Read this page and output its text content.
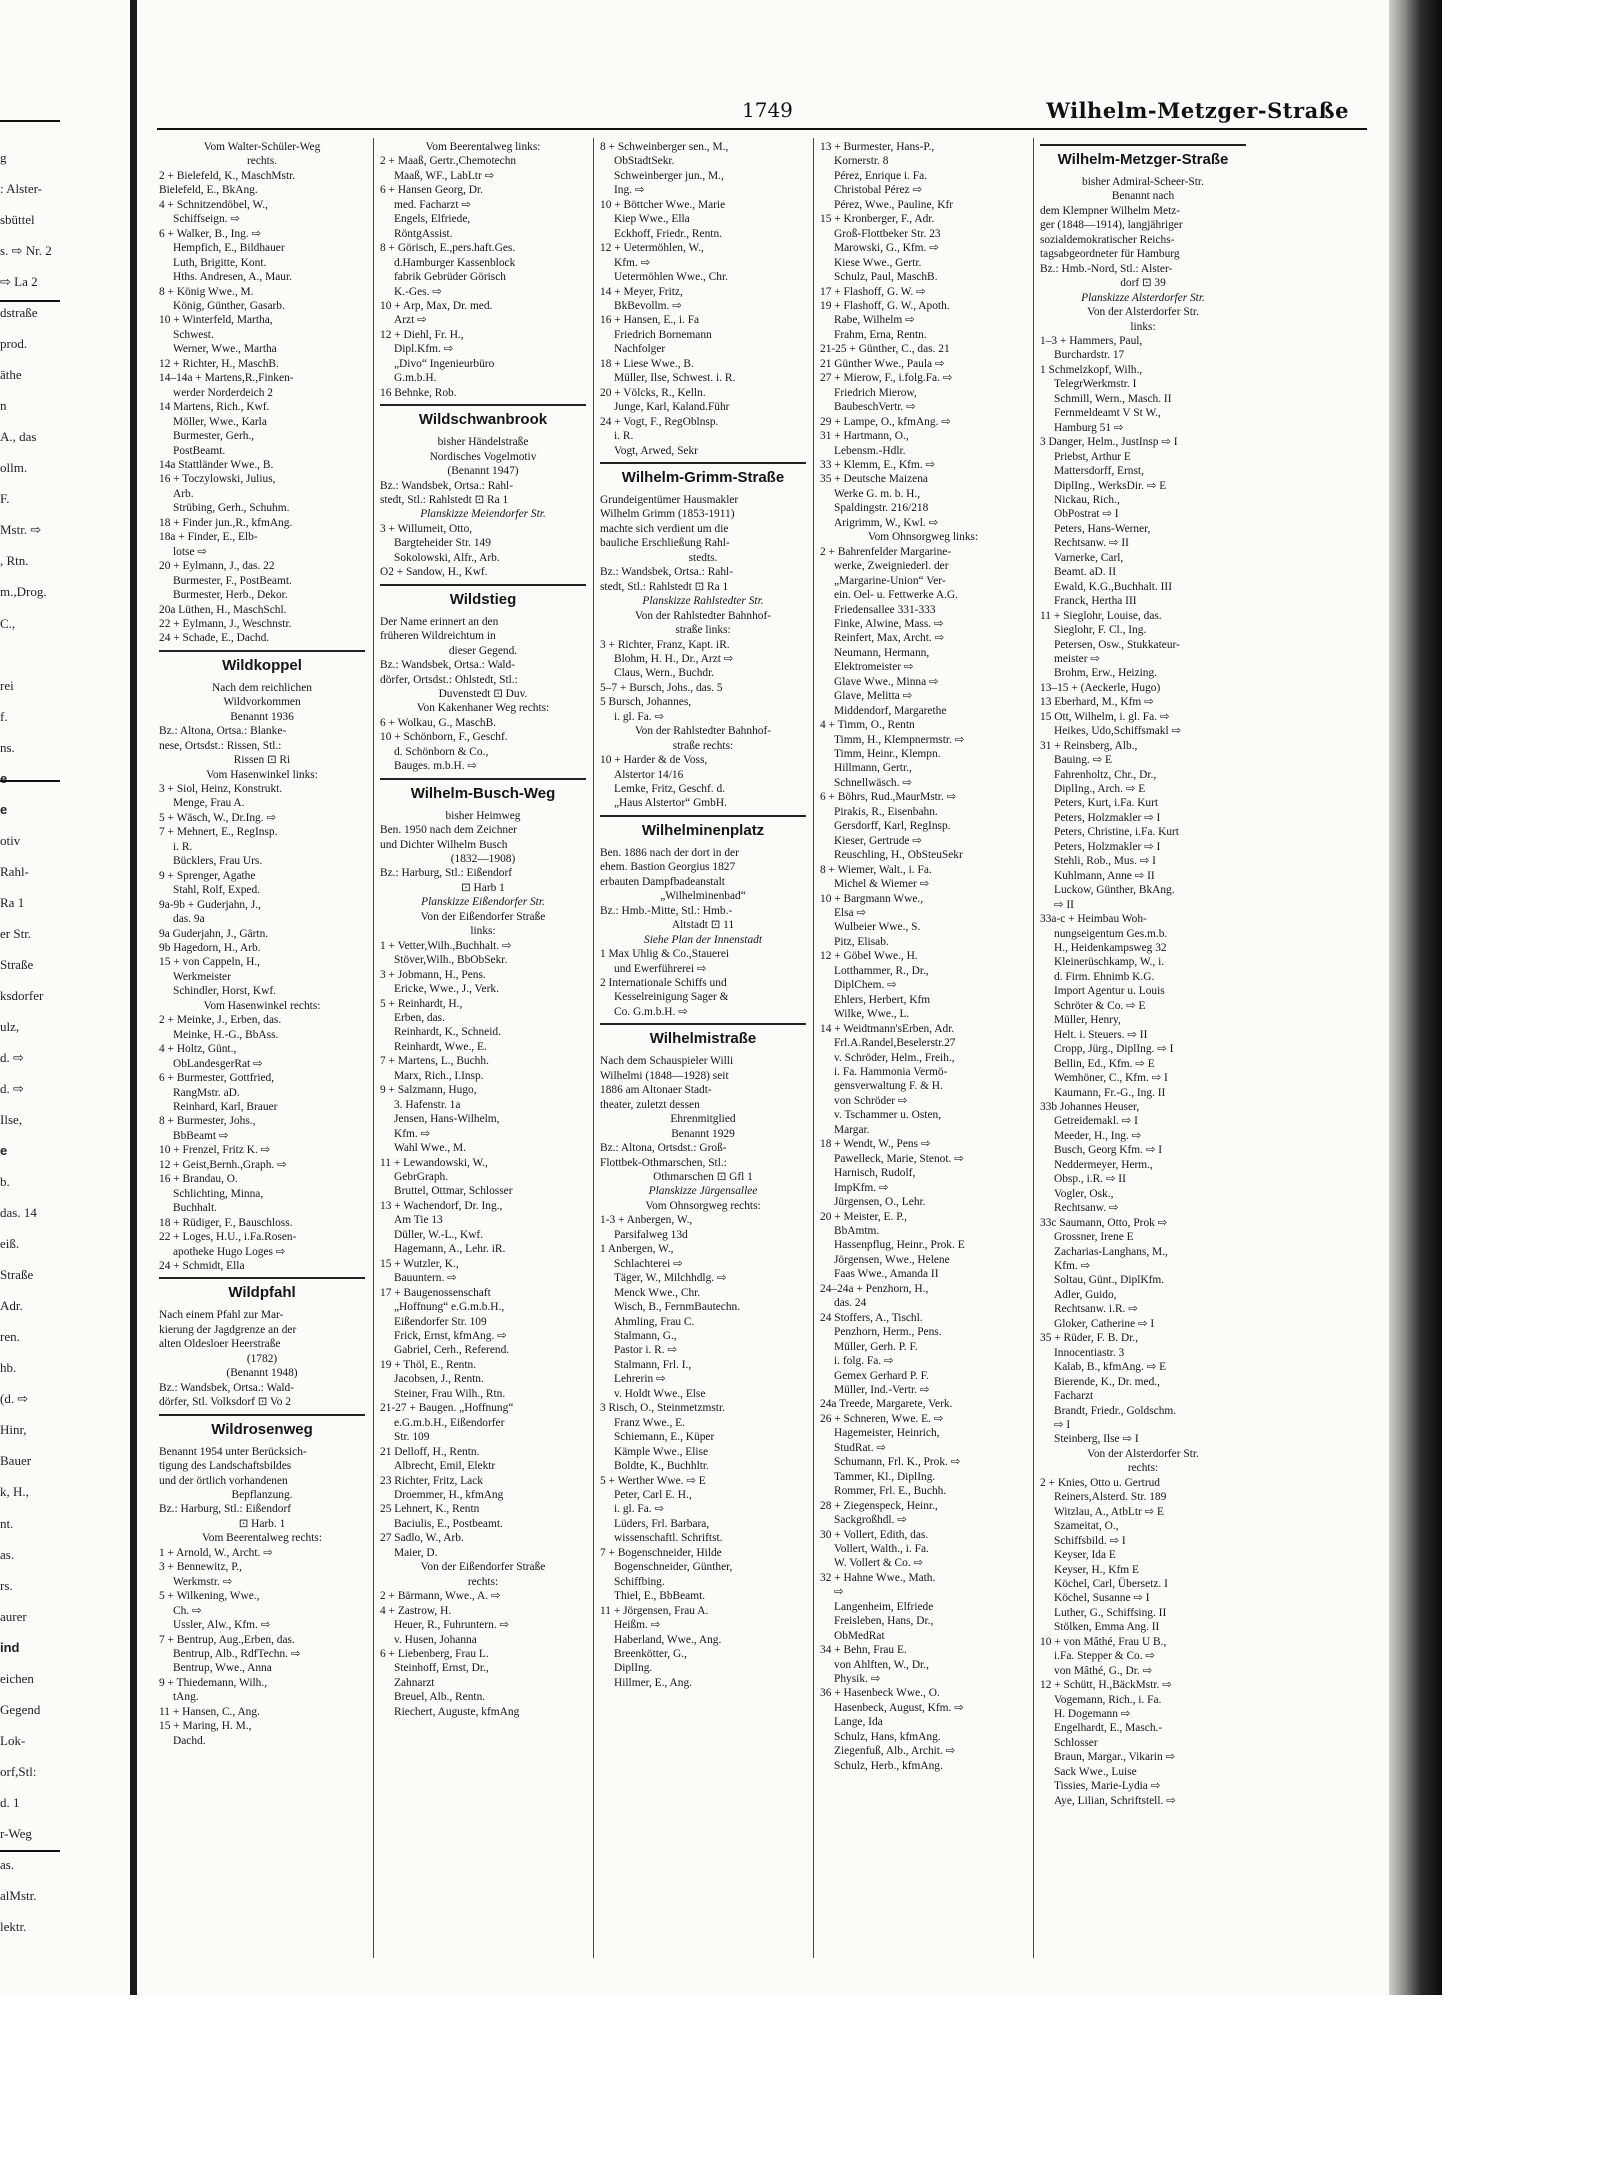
g
: Alster-
sbüttel
s. ⇨ Nr. 2
⇨ La 2
dstraße
prod.
äthe
n
A., das
ollm.
F.
Mstr. ⇨
, Rtn.
m.,Drog.
C.,
rei
f.
ns.
e
e
otiv
Rahl-
Ra 1
er Str.
Straße
ksdorfer
ulz,
d. ⇨
d. ⇨
Ilse,
e
b.
das. 14
eiß.
Straße
Adr.
ren.
hb.
(d. ⇨
Hinr,
Bauer
k, H.,
nt.
as.
rs.
aurer
ind
eichen
Gegend
Lok-
orf,Stl:
d. 1
r-Weg
as.
alMstr.
lektr.
1749	Wilhelm-Metzger-Straße
Vom Walter-Schüler-Weg
rechts.
2 + Bielefeld, K., MaschMstr.
Bielefeld, E., BkAng.
4 + Schnitzendöbel, W.,
Schiffseign. ⇨
6 + Walker, B., Ing. ⇨
Hempfich, E., Bildhauer
Luth, Brigitte, Kont.
Hths. Andresen, A., Maur.
8 + König Wwe., M.
König, Günther, Gasarb.
10 + Winterfeld, Martha,
Schwest.
Werner, Wwe., Martha
12 + Richter, H., MaschB.
14–14a + Martens,R.,Finken-
werder Norderdeich 2
14 Martens, Rich., Kwf.
Möller, Wwe., Karla
Burmester, Gerh.,
PostBeamt.
14a Stattländer Wwe., B.
16 + Toczylowski, Julius,
Arb.
Strübing, Gerh., Schuhm.
18 + Finder jun.,R., kfmAng.
18a + Finder, E., Elb-
lotse ⇨
20 + Eylmann, J., das. 22
Burmester, F., PostBeamt.
Burmester, Herb., Dekor.
20a Lüthen, H., MaschSchl.
22 + Eylmann, J., Weschnstr.
24 + Schade, E., Dachd.
Wildkoppel
Nach dem reichlichen
Wildvorkommen
Benannt 1936
Bz.: Altona, Ortsa.: Blanke-
nese, Ortsdst.: Rissen, Stl.:
Rissen ⊡ Ri
Vom Hasenwinkel links:
3 + Siol, Heinz, Konstrukt.
Menge, Frau A.
5 + Wäsch, W., Dr.Ing. ⇨
7 + Mehnert, E., RegInsp.
i. R.
Bücklers, Frau Urs.
9 + Sprenger, Agathe
Stahl, Rolf, Exped.
9a-9b + Guderjahn, J.,
das. 9a
9a Guderjahn, J., Gärtn.
9b Hagedorn, H., Arb.
15 + von Cappeln, H.,
Werkmeister
Schindler, Horst, Kwf.
Vom Hasenwinkel rechts:
2 + Meinke, J., Erben, das.
Meinke, H.-G., BbAss.
4 + Holtz, Günt.,
ObLandesgerRat ⇨
6 + Burmester, Gottfried,
RangMstr. aD.
Reinhard, Karl, Brauer
8 + Burmester, Johs.,
BbBeamt ⇨
10 + Frenzel, Fritz K. ⇨
12 + Geist,Bernh.,Graph. ⇨
16 + Brandau, O.
Schlichting, Minna,
Buchhalt.
18 + Rüdiger, F., Bauschloss.
22 + Loges, H.U., i.Fa.Rosen-
apotheke Hugo Loges ⇨
24 + Schmidt, Ella
Wildpfahl
Nach einem Pfahl zur Mar-
kierung der Jagdgrenze an der
alten Oldesloer Heerstraße
(1782)
(Benannt 1948)
Bz.: Wandsbek, Ortsa.: Wald-
dörfer, Stl. Volksdorf ⊡ Vo 2
Wildrosenweg
Benannt 1954 unter Berücksich-
tigung des Landschaftsbildes
und der örtlich vorhandenen
Bepflanzung.
Bz.: Harburg, Stl.: Eißendorf
⊡ Harb. 1
Vom Beerentalweg rechts:
1 + Arnold, W., Archt. ⇨
3 + Bennewitz, P.,
Werkmstr. ⇨
5 + Wilkening, Wwe.,
Ch. ⇨
Ussler, Alw., Kfm. ⇨
7 + Bentrup, Aug.,Erben, das.
Bentrup, Alb., RdfTechn. ⇨
Bentrup, Wwe., Anna
9 + Thiedemann, Wilh.,
tAng.
11 + Hansen, C., Ang.
15 + Maring, H. M.,
Dachd.
Vom Beerentalweg links:
2 + Maaß, Gertr.,Chemotechn
Maaß, WF., LabLtr ⇨
6 + Hansen Georg, Dr.
med. Facharzt ⇨
Engels, Elfriede,
RöntgAssist.
8 + Görisch, E.,pers.haft.Ges.
d.Hamburger Kassenblock
fabrik Gebrüder Görisch
K.-Ges. ⇨
10 + Arp, Max, Dr. med.
Arzt ⇨
12 + Diehl, Fr. H.,
Dipl.Kfm. ⇨
„Divo“ Ingenieurbüro
G.m.b.H.
16 Behnke, Rob.
Wildschwanbrook
bisher Händelstraße
Nordisches Vogelmotiv
(Benannt 1947)
Bz.: Wandsbek, Ortsa.: Rahl-
stedt, Stl.: Rahlstedt ⊡ Ra 1
Planskizze Meiendorfer Str.
3 + Willumeit, Otto,
Bargteheider Str. 149
Sokolowski, Alfr., Arb.
O2 + Sandow, H., Kwf.
Wildstieg
Der Name erinnert an den
früheren Wildreichtum in
dieser Gegend.
Bz.: Wandsbek, Ortsa.: Wald-
dörfer, Ortsdst.: Ohlstedt, Stl.:
Duvenstedt ⊡ Duv.
Von Kakenhaner Weg rechts:
6 + Wolkau, G., MaschB.
10 + Schönborn, F., Geschf.
d. Schönborn & Co.,
Bauges. m.b.H. ⇨
Wilhelm-Busch-Weg
bisher Heimweg
Ben. 1950 nach dem Zeichner
und Dichter Wilhelm Busch
(1832—1908)
Bz.: Harburg, Stl.: Eißendorf
⊡ Harb 1
Planskizze Eißendorfer Str.
Von der Eißendorfer Straße
links:
1 + Vetter,Wilh.,Buchhalt. ⇨
Stöver,Wilh., BbObSekr.
3 + Jobmann, H., Pens.
Ericke, Wwe., J., Verk.
5 + Reinhardt, H.,
Erben, das.
Reinhardt, K., Schneid.
Reinhardt, Wwe., E.
7 + Martens, L., Buchh.
Marx, Rich., I.Insp.
9 + Salzmann, Hugo,
3. Hafenstr. 1a
Jensen, Hans-Wilhelm,
Kfm. ⇨
Wahl Wwe., M.
11 + Lewandowski, W.,
GebrGraph.
Bruttel, Ottmar, Schlosser
13 + Wachendorf, Dr. Ing.,
Am Tie 13
Düller, W.-L., Kwf.
Hagemann, A., Lehr. iR.
15 + Wutzler, K.,
Bauuntern. ⇨
17 + Baugenossenschaft
„Hoffnung“ e.G.m.b.H.,
Eißendorfer Str. 109
Frick, Ernst, kfmAng. ⇨
Gabriel, Cerh., Referend.
19 + Thöl, E., Rentn.
Jacobsen, J., Rentn.
Steiner, Frau Wilh., Rtn.
21-27 + Baugen. „Hoffnung“
e.G.m.b.H., Eißendorfer
Str. 109
21 Delloff, H., Rentn.
Albrecht, Emil, Elektr
23 Richter, Fritz, Lack
Droemmer, H., kfmAng
25 Lehnert, K., Rentn
Baciulis, E., Postbeamt.
27 Sadlo, W., Arb.
Maier, D.
Von der Eißendorfer Straße
rechts:
2 + Bärmann, Wwe., A. ⇨
4 + Zastrow, H.
Heuer, R., Fuhruntern. ⇨
v. Husen, Johanna
6 + Liebenberg, Frau L.
Steinhoff, Ernst, Dr.,
Zahnarzt
Breuel, Alb., Rentn.
Riechert, Auguste, kfmAng
8 + Schweinberger sen., M.,
ObStadtSekr.
Schweinberger jun., M.,
Ing. ⇨
10 + Böttcher Wwe., Marie
Kiep Wwe., Ella
Eckhoff, Friedr., Rentn.
12 + Uetermöhlen, W.,
Kfm. ⇨
Uetermöhlen Wwe., Chr.
14 + Meyer, Fritz,
BkBevollm. ⇨
16 + Hansen, E., i. Fa
Friedrich Bornemann
Nachfolger
18 + Liese Wwe., B.
Müller, Ilse, Schwest. i. R.
20 + Völcks, R., Kelln.
Junge, Karl, Kaland.Führ
24 + Vogt, F., RegOblnsp.
i. R.
Vogt, Arwed, Sekr
Wilhelm-Grimm-Straße
Grundeigentümer Hausmakler
Wilhelm Grimm (1853-1911)
machte sich verdient um die
bauliche Erschließung Rahl-
stedts.
Bz.: Wandsbek, Ortsa.: Rahl-
stedt, Stl.: Rahlstedt ⊡ Ra 1
Planskizze Rahlstedter Str.
Von der Rahlstedter Bahnhof-
straße links:
3 + Richter, Franz, Kapt. iR.
Blohm, H. H., Dr., Arzt ⇨
Claus, Wern., Buchdr.
5–7 + Bursch, Johs., das. 5
5 Bursch, Johannes,
i. gl. Fa. ⇨
Von der Rahlstedter Bahnhof-
straße rechts:
10 + Harder & de Voss,
Alstertor 14/16
Lemke, Fritz, Geschf. d.
„Haus Alstertor“ GmbH.
Wilhelminenplatz
Ben. 1886 nach der dort in der
ehem. Bastion Georgius 1827
erbauten Dampfbadeanstalt
„Wilhelminenbad“
Bz.: Hmb.-Mitte, Stl.: Hmb.-
Altstadt ⊡ 11
Siehe Plan der Innenstadt
1 Max Uhlig & Co.,Stauerei
und Ewerführerei ⇨
2 Internationale Schiffs und
Kesselreinigung Sager &
Co. G.m.b.H. ⇨
Wilhelmistraße
Nach dem Schauspieler Willi
Wilhelmi (1848—1928) seit
1886 am Altonaer Stadt-
theater, zuletzt dessen
Ehrenmitglied
Benannt 1929
Bz.: Altona, Ortsdst.: Groß-
Flottbek-Othmarschen, Stl.:
Othmarschen ⊡ Gfl 1
Planskizze Jürgensallee
Vom Ohnsorgweg rechts:
1-3 + Anbergen, W.,
Parsifalweg 13d
1 Anbergen, W.,
Schlachterei ⇨
Täger, W., Milchhdlg. ⇨
Menck Wwe., Chr.
Wisch, B., FernmBautechn.
Ahmling, Frau C.
Stalmann, G.,
Pastor i. R. ⇨
Stalmann, Frl. I.,
Lehrerin ⇨
v. Holdt Wwe., Else
3 Risch, O., Steinmetzmstr.
Franz Wwe., E.
Schiemann, E., Küper
Kämple Wwe., Elise
Boldte, K., Buchhltr.
5 + Werther Wwe. ⇨ E
Peter, Carl E. H.,
i. gl. Fa. ⇨
Lüders, Frl. Barbara,
wissenschaftl. Schriftst.
7 + Bogenschneider, Hilde
Bogenschneider, Günther,
Schiffbing.
Thiel, E., BbBeamt.
11 + Jörgensen, Frau A.
Heißm. ⇨
Haberland, Wwe., Ang.
Breenkötter, G.,
DiplIng.
Hillmer, E., Ang.
13 + Burmester, Hans-P.,
Kornerstr. 8
Pérez, Enrique i. Fa.
Christobal Pérez ⇨
Pérez, Wwe., Pauline, Kfr
15 + Kronberger, F., Adr.
Groß-Flottbeker Str. 23
Marowski, G., Kfm. ⇨
Kiese Wwe., Gertr.
Schulz, Paul, MaschB.
17 + Flashoff, G. W. ⇨
19 + Flashoff, G. W., Apoth.
Rabe, Wilhelm ⇨
Frahm, Erna, Rentn.
21-25 + Günther, C., das. 21
21 Günther Wwe., Paula ⇨
27 + Mierow, F., i.folg.Fa. ⇨
Friedrich Mierow,
BaubeschVertr. ⇨
29 + Lampe, O., kfmAng. ⇨
31 + Hartmann, O.,
Lebensm.-Hdlr.
33 + Klemm, E., Kfm. ⇨
35 + Deutsche Maizena
Werke G. m. b. H.,
Spaldingstr. 216/218
Arigrimm, W., Kwl. ⇨
Vom Ohnsorgweg links:
2 + Bahrenfelder Margarine-
werke, Zweigniederl. der
„Margarine-Union“ Ver-
ein. Oel- u. Fettwerke A.G.
Friedensallee 331-333
Finke, Alwine, Mass. ⇨
Reinfert, Max, Archt. ⇨
Neumann, Hermann,
Elektromeister ⇨
Glave Wwe., Minna ⇨
Glave, Melitta ⇨
Middendorf, Margarethe
4 + Timm, O., Rentn
Timm, H., Klempnermstr. ⇨
Timm, Heinr., Klempn.
Hillmann, Gertr.,
Schnellwäsch. ⇨
6 + Böhrs, Rud.,MaurMstr. ⇨
Pirakis, R., Eisenbahn.
Gersdorff, Karl, RegInsp.
Kieser, Gertrude ⇨
Reuschling, H., ObSteuSekr
8 + Wiemer, Walt., i. Fa.
Michel & Wiemer ⇨
10 + Bargmann Wwe.,
Elsa ⇨
Wulbeier Wwe., S.
Pitz, Elisab.
12 + Göbel Wwe., H.
Lotthammer, R., Dr.,
DiplChem. ⇨
Ehlers, Herbert, Kfm
Wilke, Wwe., L.
14 + Weidtmann'sErben, Adr.
Frl.A.Randel,Beselerstr.27
v. Schröder, Helm., Freih.,
i. Fa. Hammonia Vermö-
gensverwaltung F. & H.
von Schröder ⇨
v. Tschammer u. Osten,
Margar.
18 + Wendt, W., Pens ⇨
Pawelleck, Marie, Stenot. ⇨
Harnisch, Rudolf,
ImpKfm. ⇨
Jürgensen, O., Lehr.
20 + Meister, E. P.,
BbAmtm.
Hassenpflug, Heinr., Prok. E
Jörgensen, Wwe., Helene
Faas Wwe., Amanda II
24–24a + Penzhorn, H.,
das. 24
24 Stoffers, A., Tischl.
Penzhorn, Herm., Pens.
Müller, Gerh. P. F.
i. folg. Fa. ⇨
Gemex Gerhard P. F.
Müller, Ind.-Vertr. ⇨
24a Treede, Margarete, Verk.
26 + Schneren, Wwe. E. ⇨
Hagemeister, Heinrich,
StudRat. ⇨
Schumann, Frl. K., Prok. ⇨
Tammer, Kl., DiplIng.
Rommer, Frl. E., Buchh.
28 + Ziegenspeck, Heinr.,
Sackgroßhdl. ⇨
30 + Vollert, Edith, das.
Vollert, Walth., i. Fa.
W. Vollert & Co. ⇨
32 + Hahne Wwe., Math.
⇨
Langenheim, Elfriede
Freisleben, Hans, Dr.,
ObMedRat
34 + Behn, Frau E.
von Ahlften, W., Dr.,
Physik. ⇨
36 + Hasenbeck Wwe., O.
Hasenbeck, August, Kfm. ⇨
Lange, Ida
Schulz, Hans, kfmAng.
Ziegenfuß, Alb., Archit. ⇨
Schulz, Herb., kfmAng.
Wilhelm-Metzger-Straße
bisher Admiral-Scheer-Str.
Benannt nach
dem Klempner Wilhelm Metz-
ger (1848—1914), langjähriger
sozialdemokratischer Reichs-
tagsabgeordneter für Hamburg
Bz.: Hmb.-Nord, Stl.: Alster-
dorf ⊡ 39
Planskizze Alsterdorfer Str.
Von der Alsterdorfer Str.
links:
1–3 + Hammers, Paul,
Burchardstr. 17
1 Schmelzkopf, Wilh.,
TelegrWerkmstr. I
Schmill, Wern., Masch. II
Fernmeldeamt V St W.,
Hamburg 51 ⇨
3 Danger, Helm., JustInsp ⇨ I
Priebst, Arthur E
Mattersdorff, Ernst,
DiplIng., WerksDir. ⇨ E
Nickau, Rich.,
ObPostrat ⇨ I
Peters, Hans-Werner,
Rechtsanw. ⇨ II
Varnerke, Carl,
Beamt. aD. II
Ewald, K.G.,Buchhalt. III
Franck, Hertha III
11 + Sieglohr, Louise, das.
Sieglohr, F. Cl., Ing.
Petersen, Osw., Stukkateur-
meister ⇨
Brohm, Erw., Heizing.
13–15 + (Aeckerle, Hugo)
13 Eberhard, M., Kfm ⇨
15 Ott, Wilhelm, i. gl. Fa. ⇨
Heikes, Udo,Schiffsmakl ⇨
31 + Reinsberg, Alb.,
Bauing. ⇨ E
Fahrenholtz, Chr., Dr.,
DiplIng., Arch. ⇨ E
Peters, Kurt, i.Fa. Kurt
Peters, Holzmakler ⇨ I
Peters, Christine, i.Fa. Kurt
Peters, Holzmakler ⇨ I
Stehli, Rob., Mus. ⇨ I
Kuhlmann, Anne ⇨ II
Luckow, Günther, BkAng.
⇨ II
33a-c + Heimbau Woh-
nungseigentum Ges.m.b.
H., Heidenkampsweg 32
Kleinerüschkamp, W., i.
d. Firm. Ehnimb K.G.
Import Agentur u. Louis
Schröter & Co. ⇨ E
Müller, Henry,
Helt. i. Steuers. ⇨ II
Cropp, Jürg., DiplIng. ⇨ I
Bellin, Ed., Kfm. ⇨ E
Wemhöner, C., Kfm. ⇨ I
Kaumann, Fr.-G., Ing. II
33b Johannes Heuser,
Getreidemakl. ⇨ I
Meeder, H., Ing. ⇨
Busch, Georg Kfm. ⇨ I
Neddermeyer, Herm.,
Obsp., i.R. ⇨ II
Vogler, Osk.,
Rechtsanw. ⇨
33c Saumann, Otto, Prok ⇨
Grossner, Irene E
Zacharias-Langhans, M.,
Kfm. ⇨
Soltau, Günt., DiplKfm.
Adler, Guido,
Rechtsanw. i.R. ⇨
Gloker, Catherine ⇨ I
35 + Rüder, F. B. Dr.,
Innocentiastr. 3
Kalab, B., kfmAng. ⇨ E
Bierende, K., Dr. med.,
Facharzt
Brandt, Friedr., Goldschm.
⇨ I
Steinberg, Ilse ⇨ I
Von der Alsterdorfer Str.
rechts:
2 + Knies, Otto u. Gertrud
Reiners,Alsterd. Str. 189
Witzlau, A., AtbLtr ⇨ E
Szameitat, O.,
Schiffsbild. ⇨ I
Keyser, Ida E
Keyser, H., Kfm E
Köchel, Carl, Übersetz. I
Köchel, Susanne ⇨ I
Luther, G., Schiffsing. II
Stölken, Emma Ang. II
10 + von Mâthé, Frau U B.,
i.Fa. Stepper & Co. ⇨
von Mâthé, G., Dr. ⇨
12 + Schütt, H.,BäckMstr. ⇨
Vogemann, Rich., i. Fa.
H. Dogemann ⇨
Engelhardt, E., Masch.-
Schlosser
Braun, Margar., Vikarin ⇨
Sack Wwe., Luise
Tissies, Marie-Lydia ⇨
Aye, Lilian, Schriftstell. ⇨
